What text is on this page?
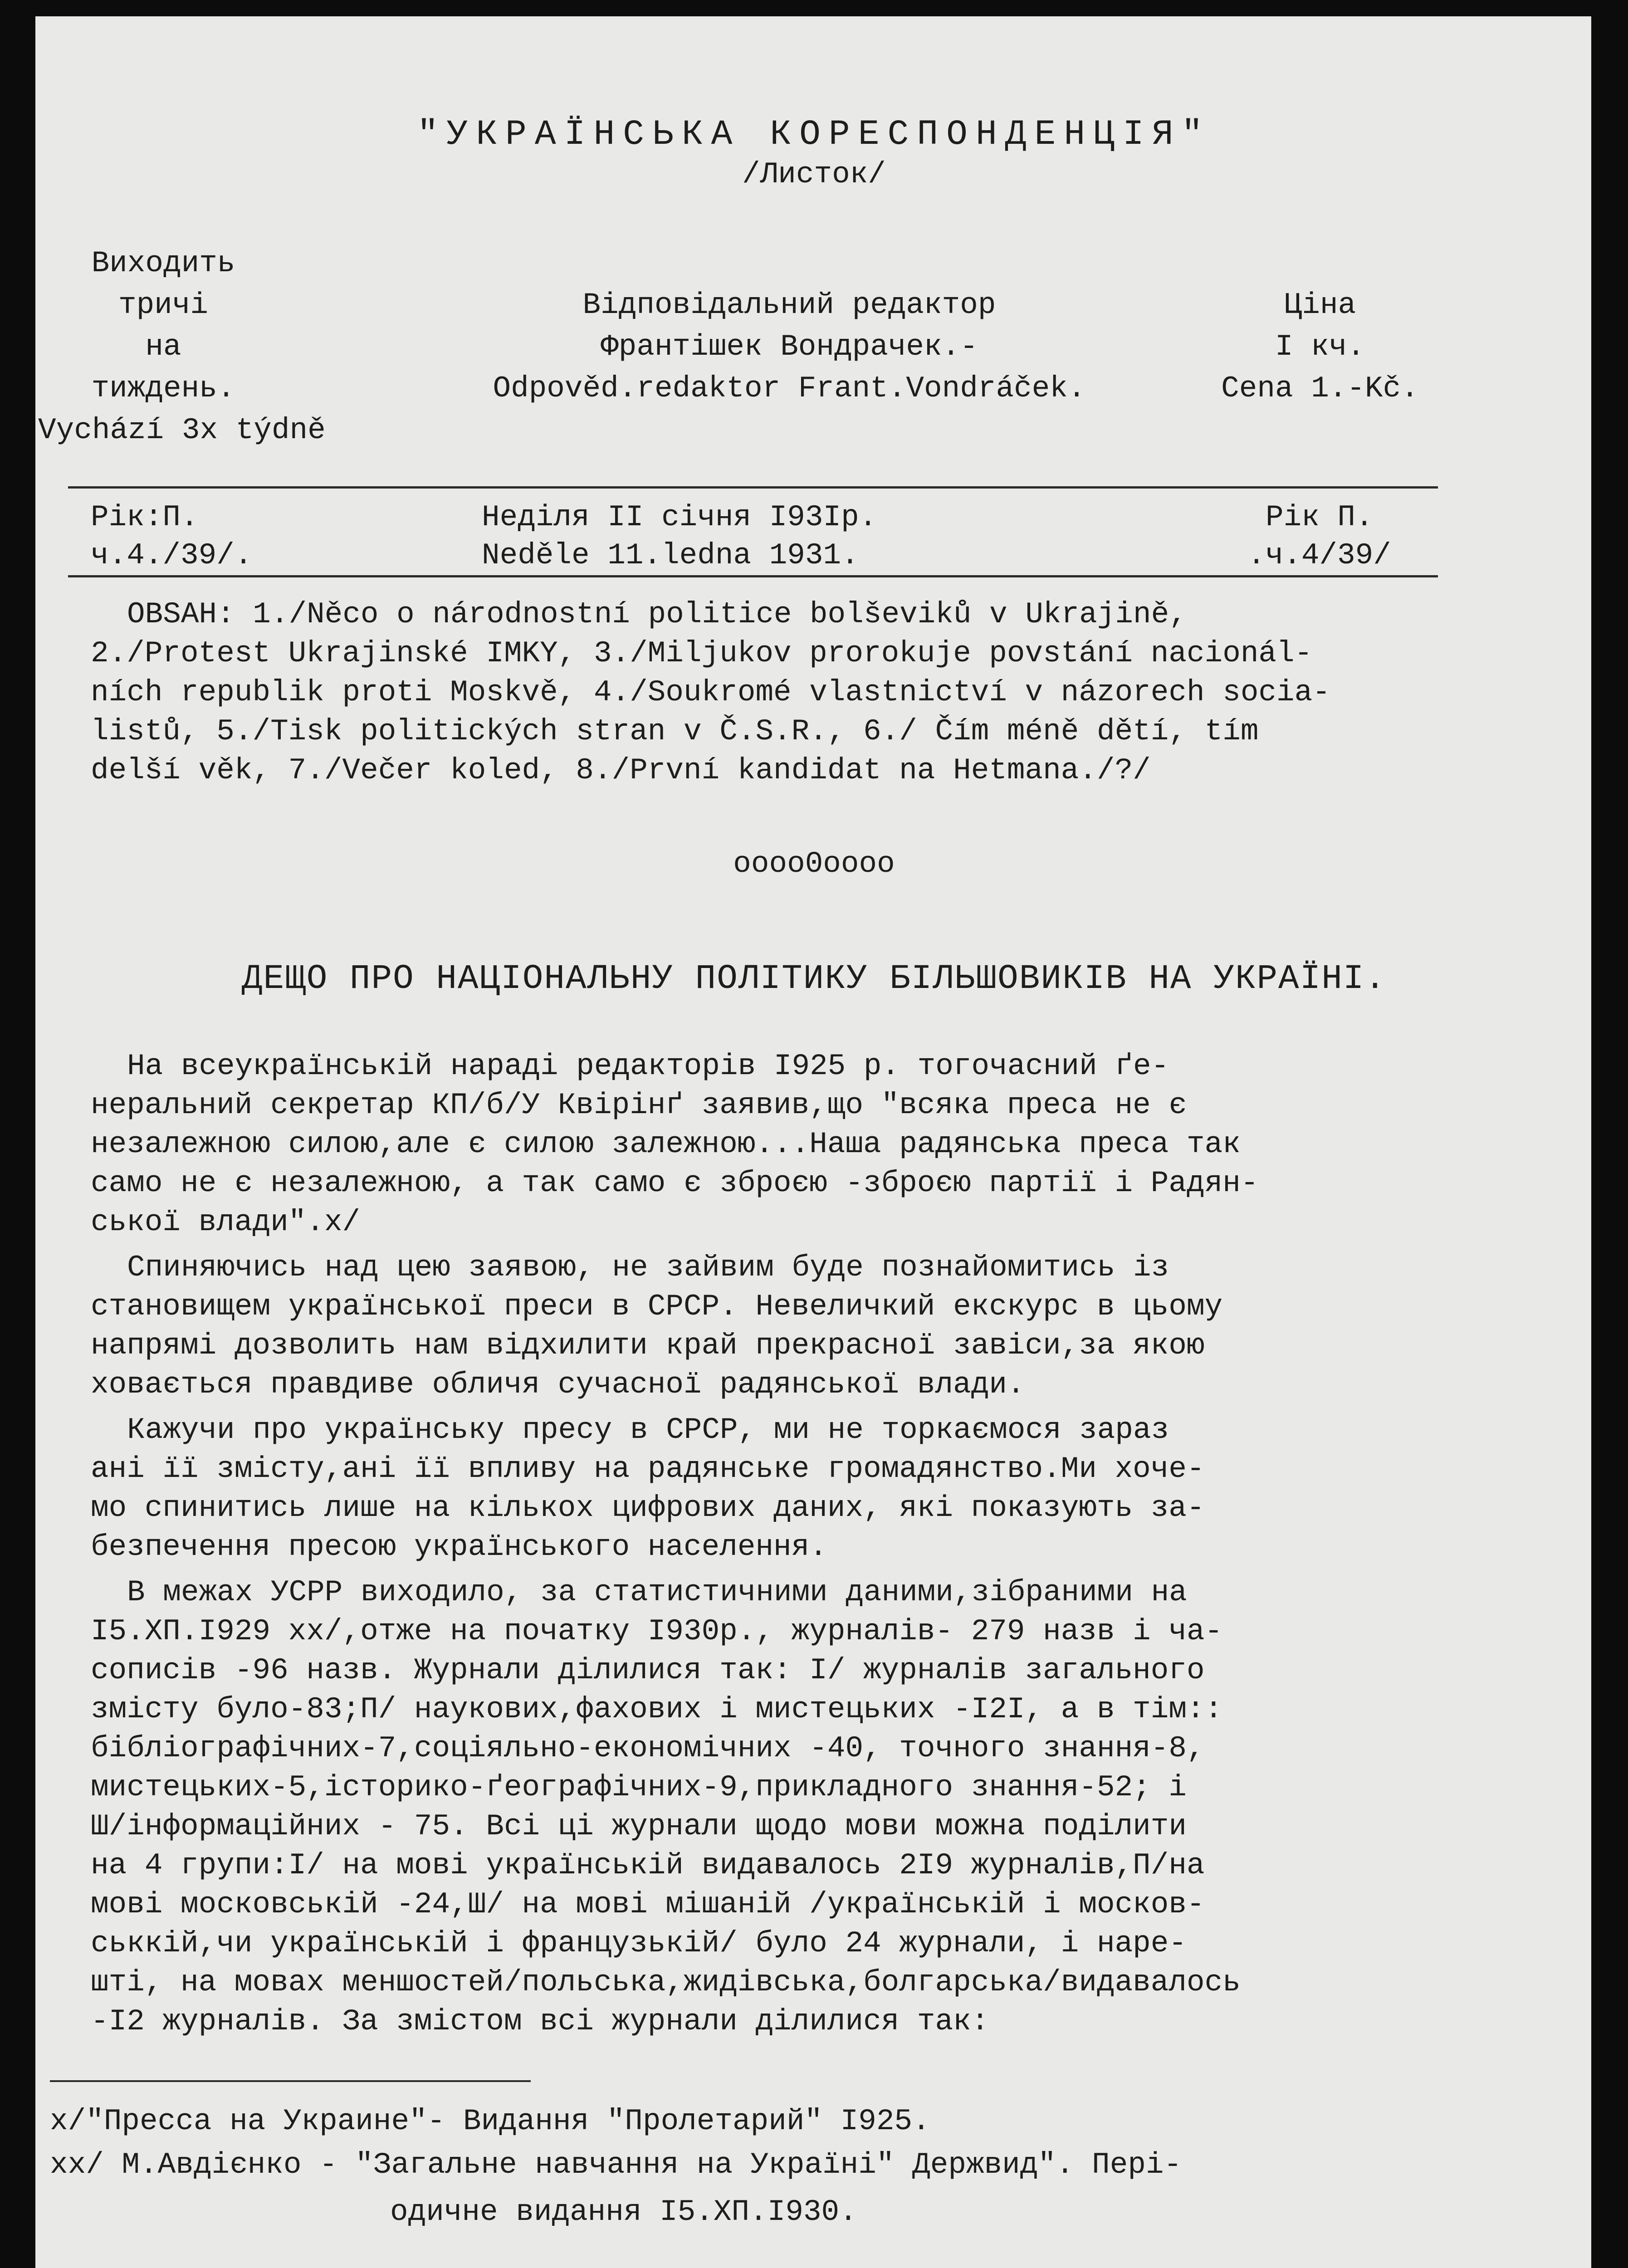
"УКРАЇНСЬКА КОРЕСПОНДЕНЦІЯ"
/Листок/
Виходить
тричі
на
тиждень.
Vychází 3x týdně
Відповідальний редактор
Франтішек Вондрачек.-
Odpověd.redaktor Frant.Vondráček.
Ціна
I кч.
Cena 1.-Kč.
Рік:П.
ч.4./39/.
Неділя II січня I93Iр.
Neděle 11.ledna 1931.
Рік П.
.ч.4/39/
OBSAH: 1./Něco o národnostní politice bolševiků v Ukrajině,
2./Protest Ukrajinské IMKY, 3./Miljukov prorokuje povstání nacionál-
ních republik proti Moskvě, 4./Soukromé vlastnictví v názorech socia-
listů, 5./Tisk politických stran v Č.S.R., 6./ Čím méně dětí, tím
delší věk, 7./Večer koled, 8./První kandidat na Hetmana./?/
oooo0oooo
ДЕЩО ПРО НАЦІОНАЛЬНУ ПОЛІТИКУ БІЛЬШОВИКІВ НА УКРАЇНІ.
На всеукраїнській нараді редакторів I925 р. тогочасний ґе-
неральний секретар КП/б/У Квірінґ заявив,що "всяка преса не є
незалежною силою,але є силою залежною...Наша радянська преса так
само не є незалежною, а так само є зброєю -зброєю партії і Радян-
ської влади".х/
Спиняючись над цею заявою, не зайвим буде познайомитись із
становищем української преси в СРСР. Невеличкий екскурс в цьому
напрямі дозволить нам відхилити край прекрасної завіси,за якою
ховається правдиве обличя сучасної радянської влади.
Кажучи про українську пресу в СРСР, ми не торкаємося зараз
ані її змісту,ані її впливу на радянське громадянство.Ми хоче-
мо спинитись лише на кількох цифрових даних, які показують за-
безпечення пресою українського населення.
В межах УСРР виходило, за статистичними даними,зібраними на
I5.ХП.I929 хх/,отже на початку I930р., журналів- 279 назв і ча-
сописів -96 назв. Журнали ділилися так: I/ журналів загального
змісту було-83;П/ наукових,фахових і мистецьких -I2I, а в тім::
бібліографічних-7,соціяльно-економічних -40, точного знання-8,
мистецьких-5,історико-ґеографічних-9,прикладного знання-52; і
Ш/інформаційних - 75. Всі ці журнали щодо мови можна поділити
на 4 групи:I/ на мові українській видавалось 2I9 журналів,П/на
мові московській -24,Ш/ на мові мішаній /українській і москов-
ськкій,чи українській і французькій/ було 24 журнали, і наре-
шті, на мовах меншостей/польська,жидівська,болгарська/видавалось
-I2 журналів. За змістом всі журнали ділилися так:
х/"Пресса на Украине"- Видання "Пролетарий" I925.
хх/ М.Авдієнко - "Загальне навчання на Україні" Держвид". Пері-
одичне видання I5.ХП.I930.
